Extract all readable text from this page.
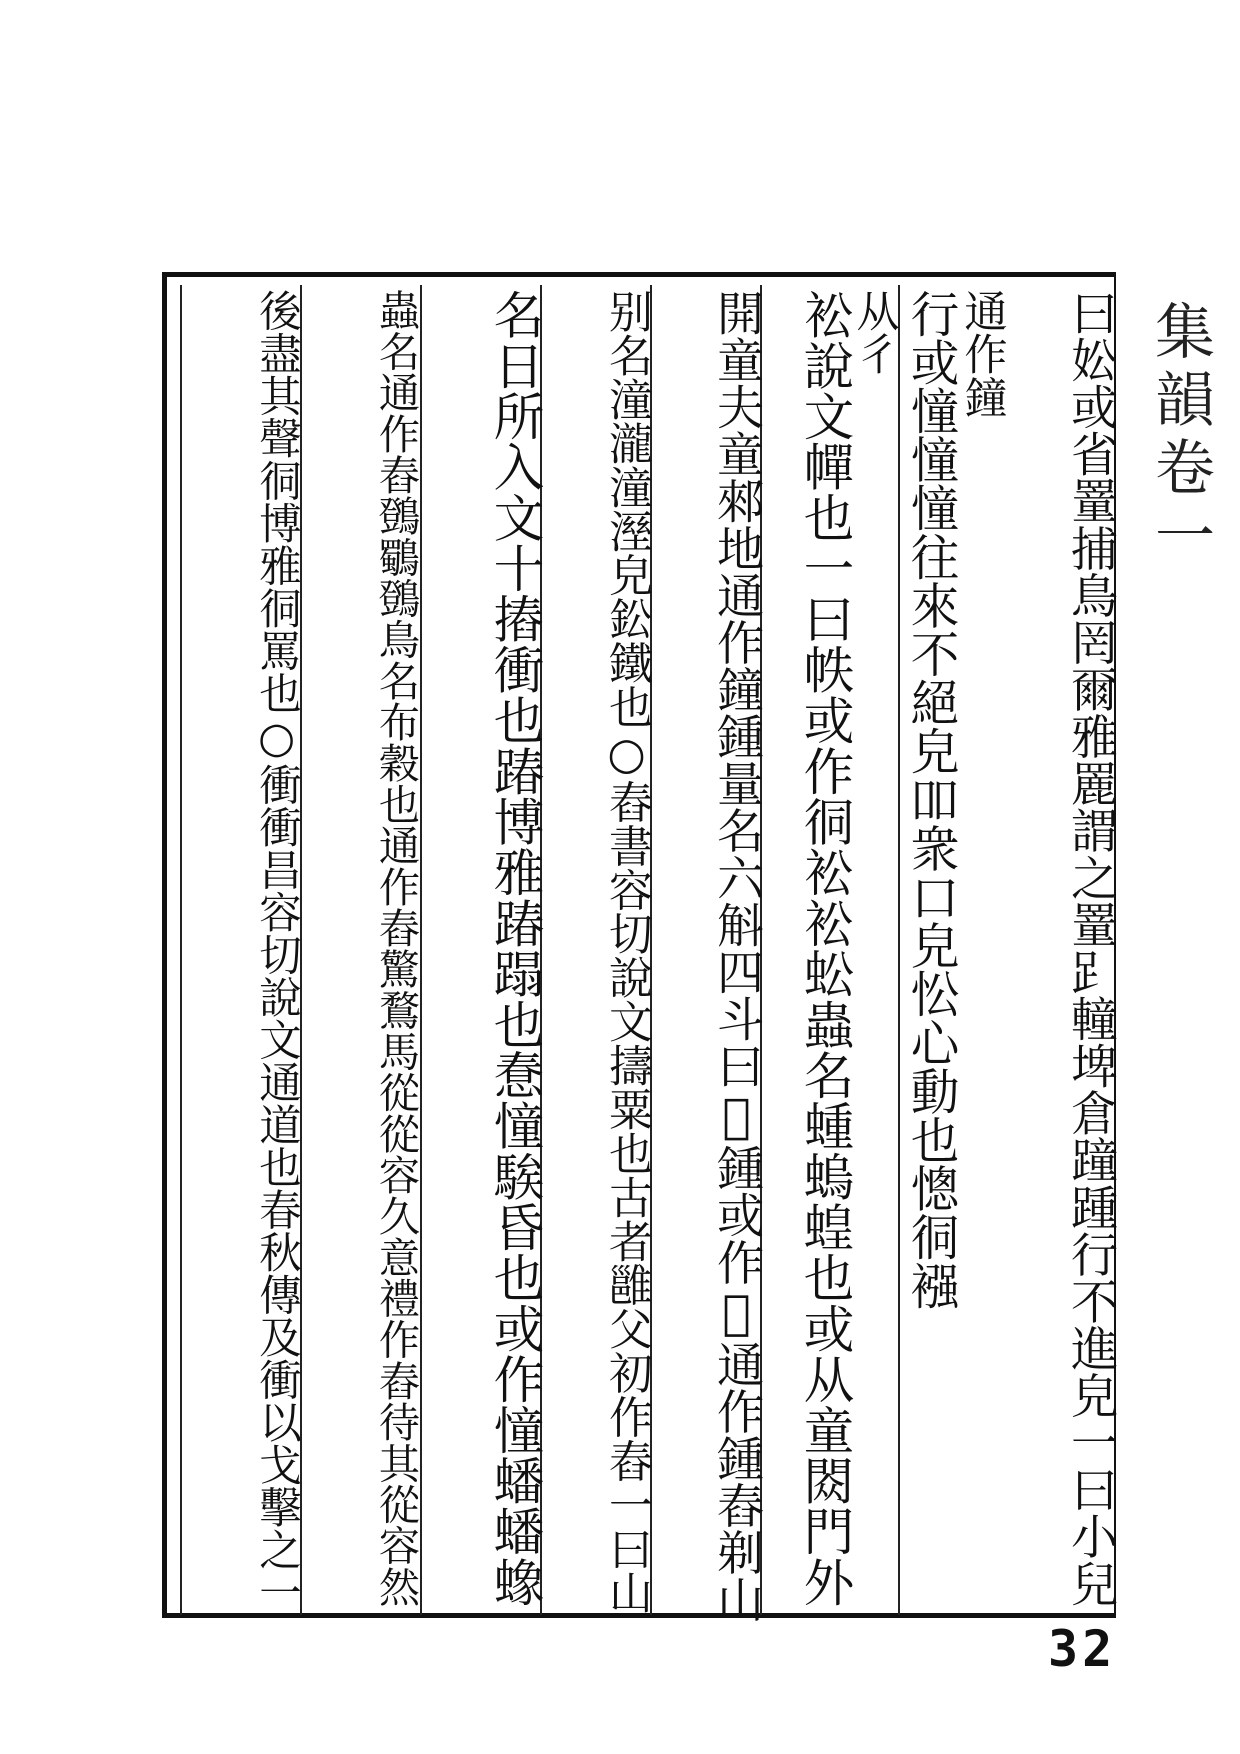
集韻卷一
曰妐或省罿捕鳥罔爾雅䍡謂之罿𧾷䡴埤倉蹱踵行不進皃一曰小兒
通作鐘
行或憧憧憧往來不絕皃吅衆口皃忪心動也憁㣚襁
从彳
衳說文幝也一曰帙或作㣚衳衳蚣蟲名蝩螐蝗也或从童閦門外
開童夫童郲地通作鐘鍾量名六斛四斗曰𨥜鍾或作𨥜通作鍾舂剃山
别名潼瀧潼溼皃鈆鐵也○舂書容切說文擣粟也古者雝父初作舂一曰山
名日所入文十摏衝也踳博雅踳蹋也惷憧騃昏也或作憧蟠蟠蟓
蟲名通作舂䳾鸀䳾鳥名布穀也通作舂驚鶩馬從從容久意禮作舂待其從容然
後盡其聲㣚博雅㣚罵也○衝衝昌容切說文通道也春秋傳及衝以戈擊之一
32
